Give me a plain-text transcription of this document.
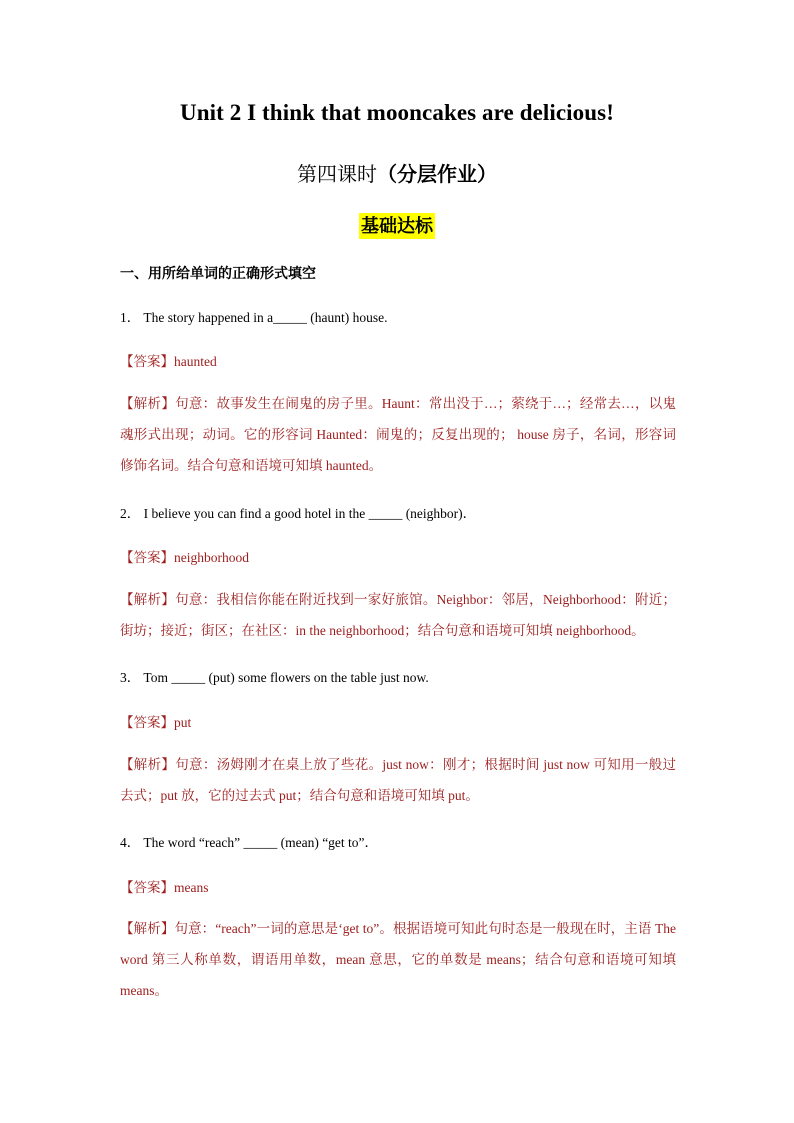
Unit 2 I think that mooncakes are delicious!
第四课时（分层作业）
基础达标
一、用所给单词的正确形式填空
1． The story happened in a_____ (haunt) house.
【答案】haunted
【解析】句意：故事发生在闹鬼的房子里。Haunt：常出没于…；萦绕于…；经常去…，以鬼魂形式出现；动词。它的形容词 Haunted：闹鬼的；反复出现的； house 房子，名词，形容词修饰名词。结合句意和语境可知填 haunted。
2． I believe you can find a good hotel in the _____ (neighbor)．
【答案】neighborhood
【解析】句意：我相信你能在附近找到一家好旅馆。Neighbor：邻居，Neighborhood：附近；街坊；接近；街区；在社区：in the neighborhood；结合句意和语境可知填 neighborhood。
3． Tom _____ (put) some flowers on the table just now.
【答案】put
【解析】句意：汤姆刚才在桌上放了些花。just now：刚才；根据时间 just now 可知用一般过去式；put 放，它的过去式 put；结合句意和语境可知填 put。
4． The word “reach” _____ (mean) “get to”．
【答案】means
【解析】句意：“reach”一词的意思是‘get to”。根据语境可知此句时态是一般现在时，主语 The word 第三人称单数，谓语用单数，mean 意思，它的单数是 means；结合句意和语境可知填 means。
